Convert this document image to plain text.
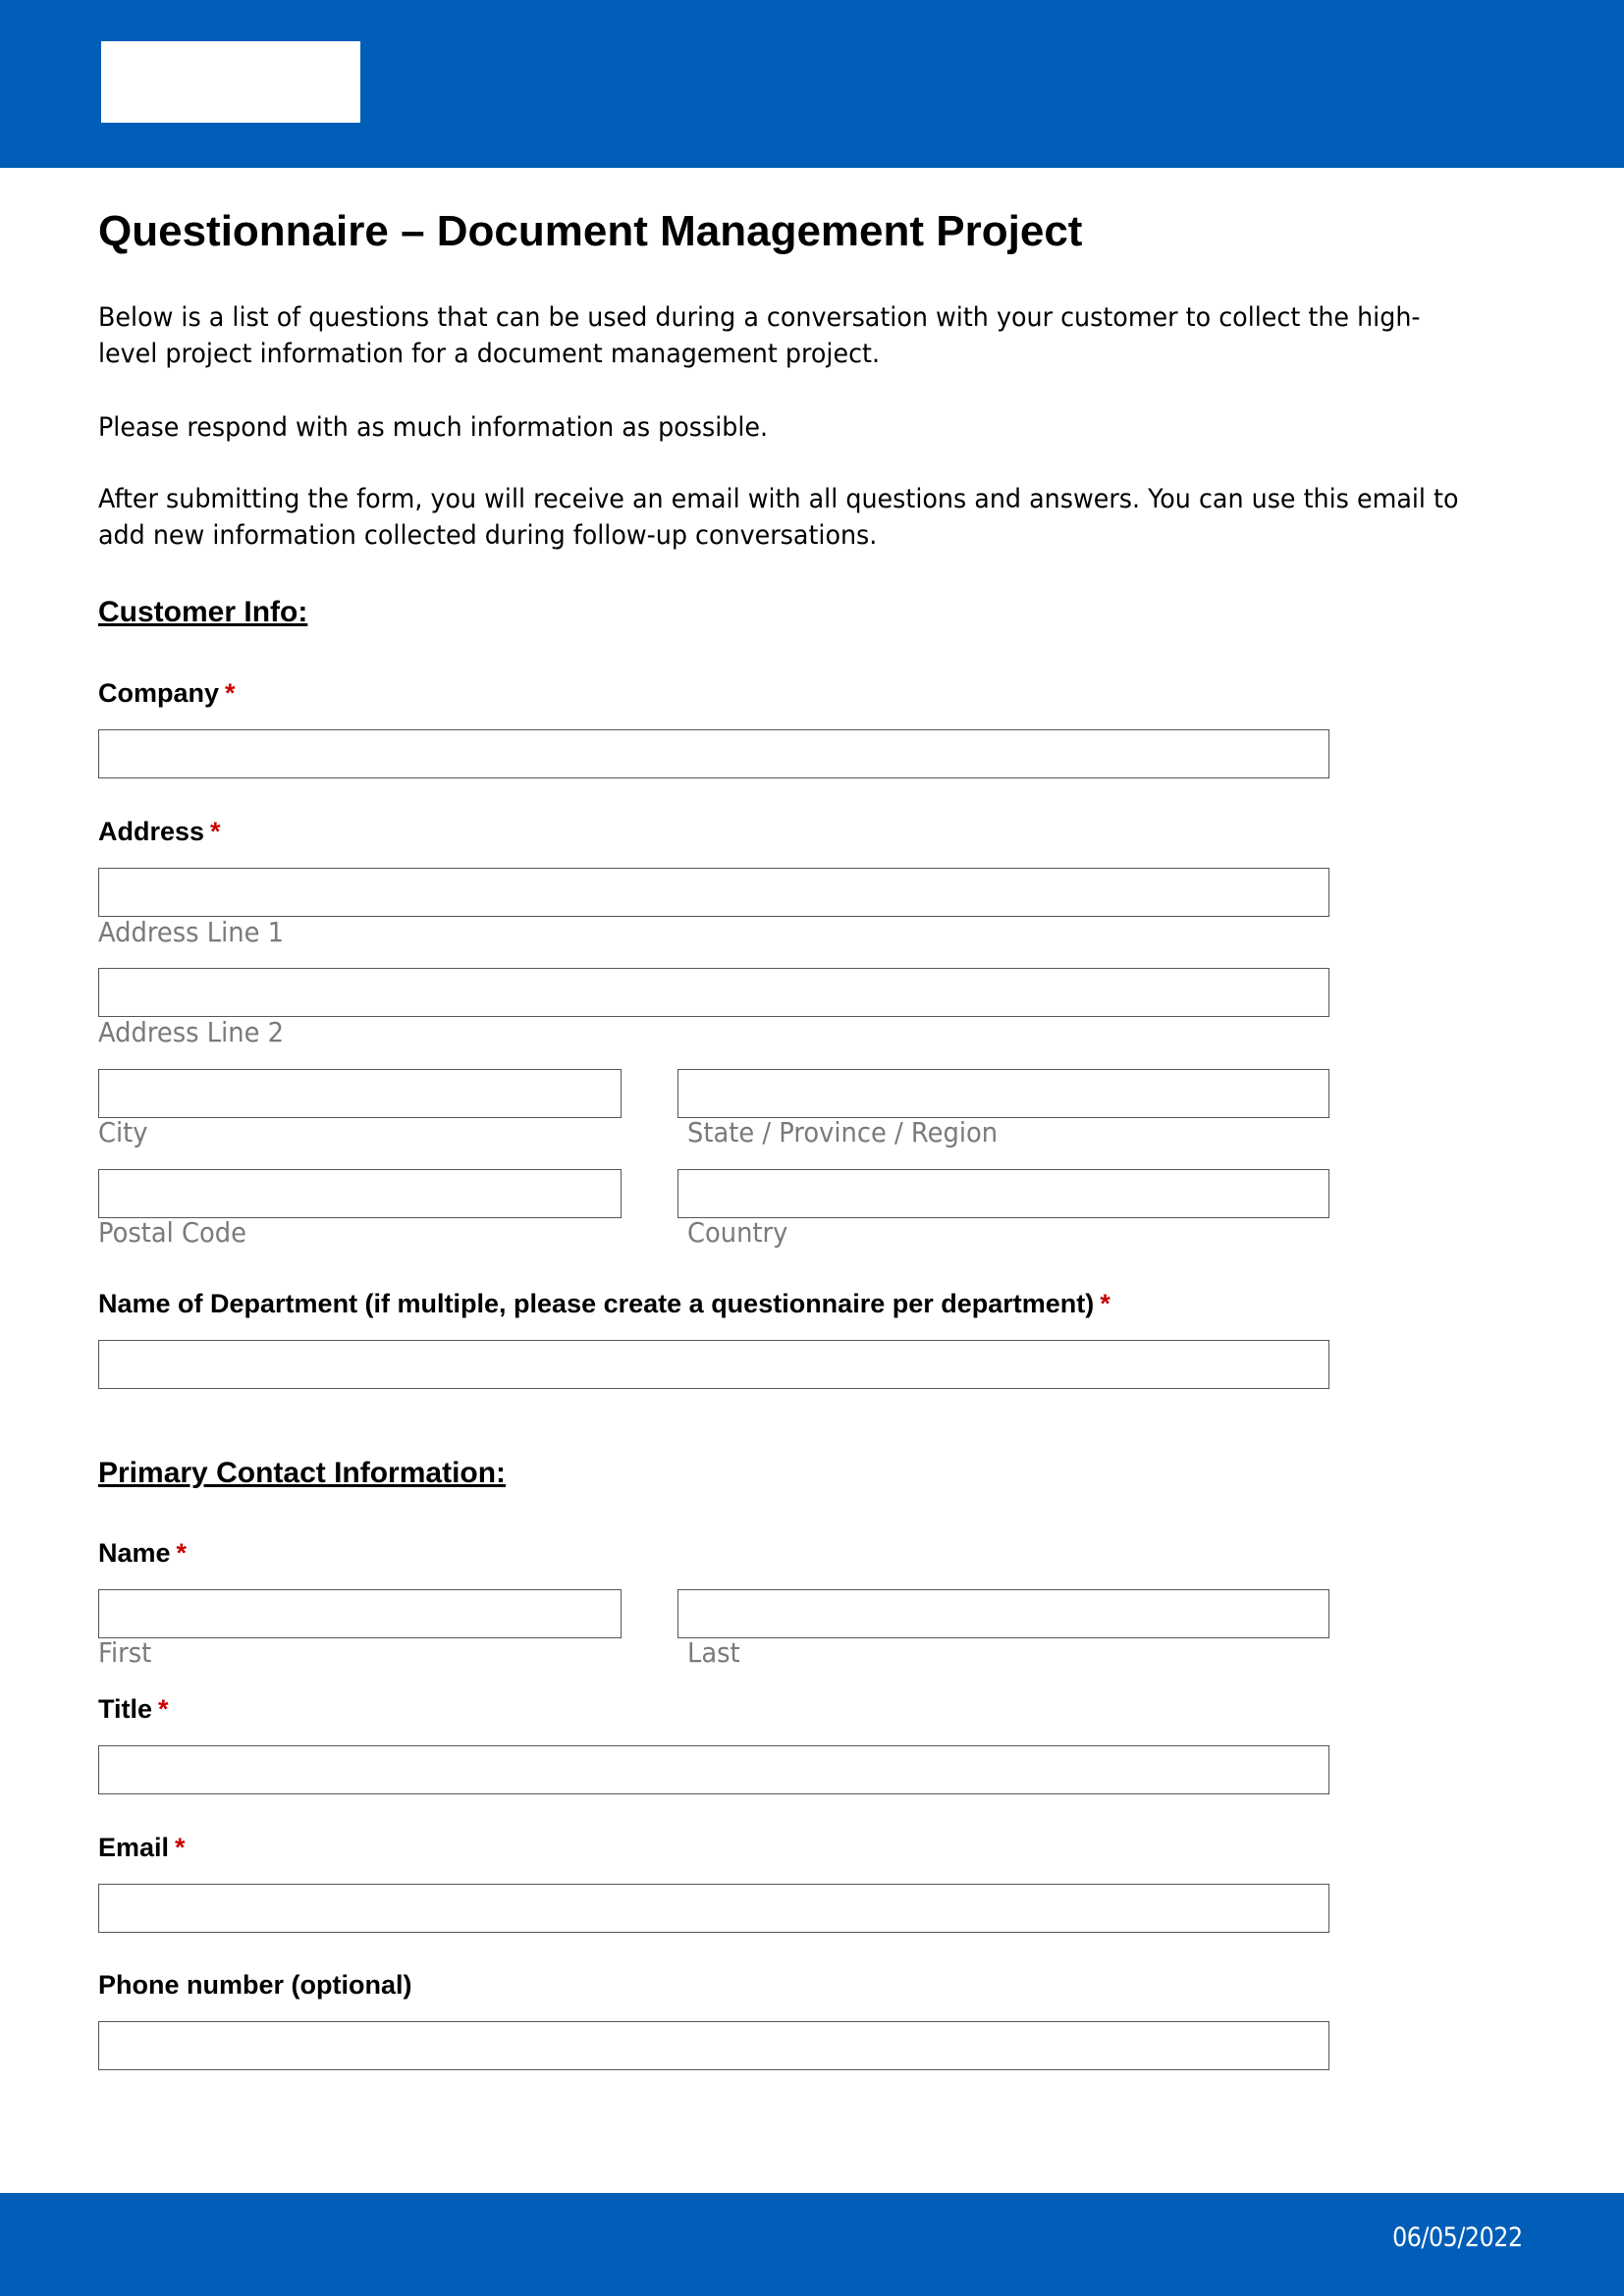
Questionnaire – Document Management Project

Below is a list of questions that can be used during a conversation with your customer to collect the high-level project information for a document management project.

Please respond with as much information as possible.

After submitting the form, you will receive an email with all questions and answers. You can use this email to add new information collected during follow-up conversations.

Customer Info:
Company *
Address *
Address Line 1
Address Line 2
City	State / Province / Region
Postal Code	Country
Name of Department (if multiple, please create a questionnaire per department) *
Primary Contact Information:
Name *
First	Last
Title *
Email *
Phone number (optional)
06/05/2022
